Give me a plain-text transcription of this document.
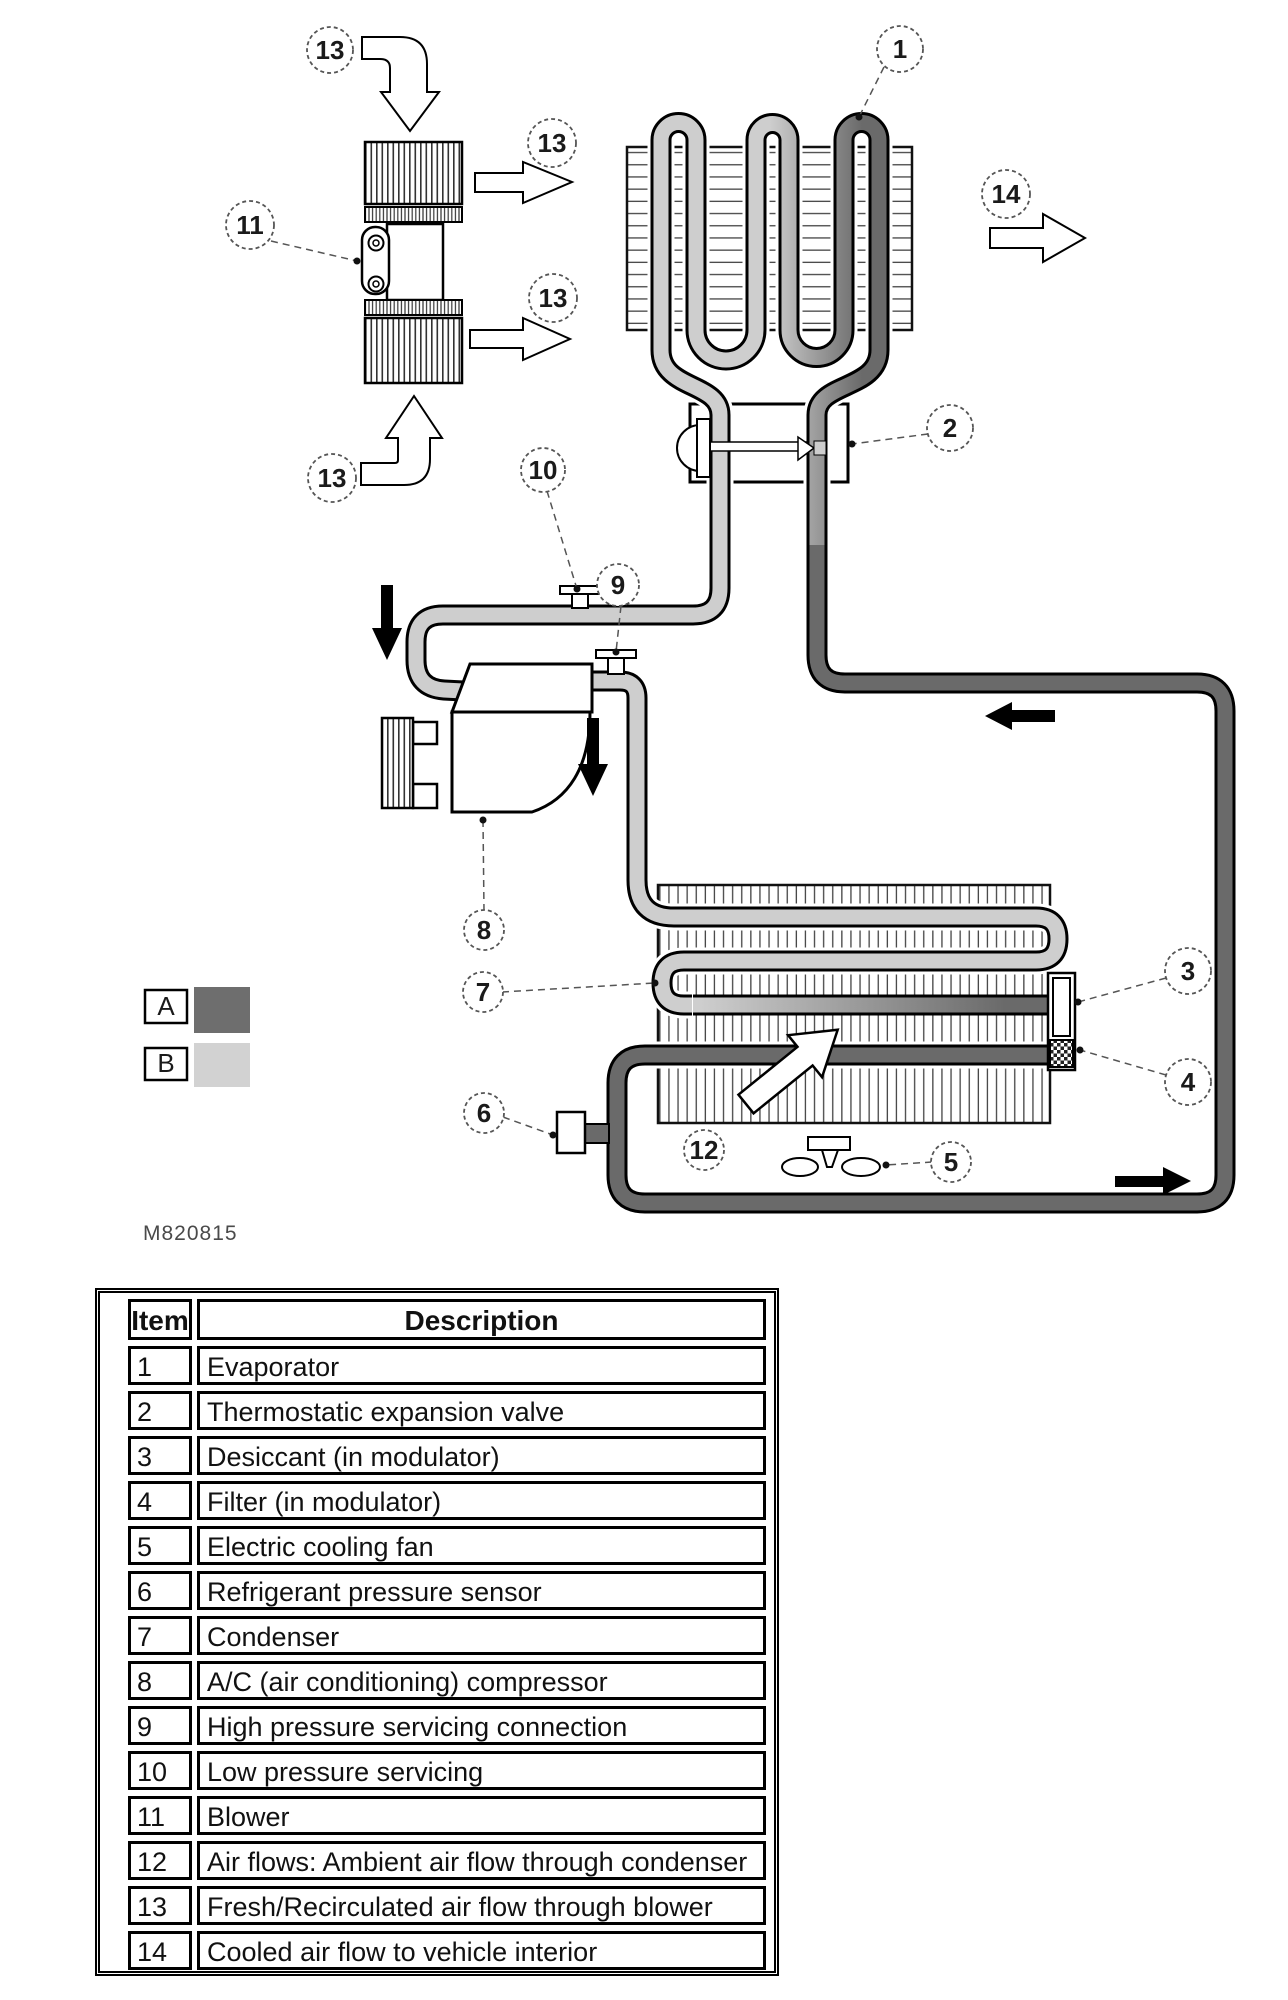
A
B
M820815
1
2
3
4
5
6
7
8
9
10
11
12
13
13
13
13
14
Item	Description
1	Evaporator
2	Thermostatic expansion valve
3	Desiccant (in modulator)
4	Filter (in modulator)
5	Electric cooling fan
6	Refrigerant pressure sensor
7	Condenser
8	A/C (air conditioning) compressor
9	High pressure servicing connection
10	Low pressure servicing
11	Blower
12	Air flows: Ambient air flow through condenser
13	Fresh/Recirculated air flow through blower
14	Cooled air flow to vehicle interior
